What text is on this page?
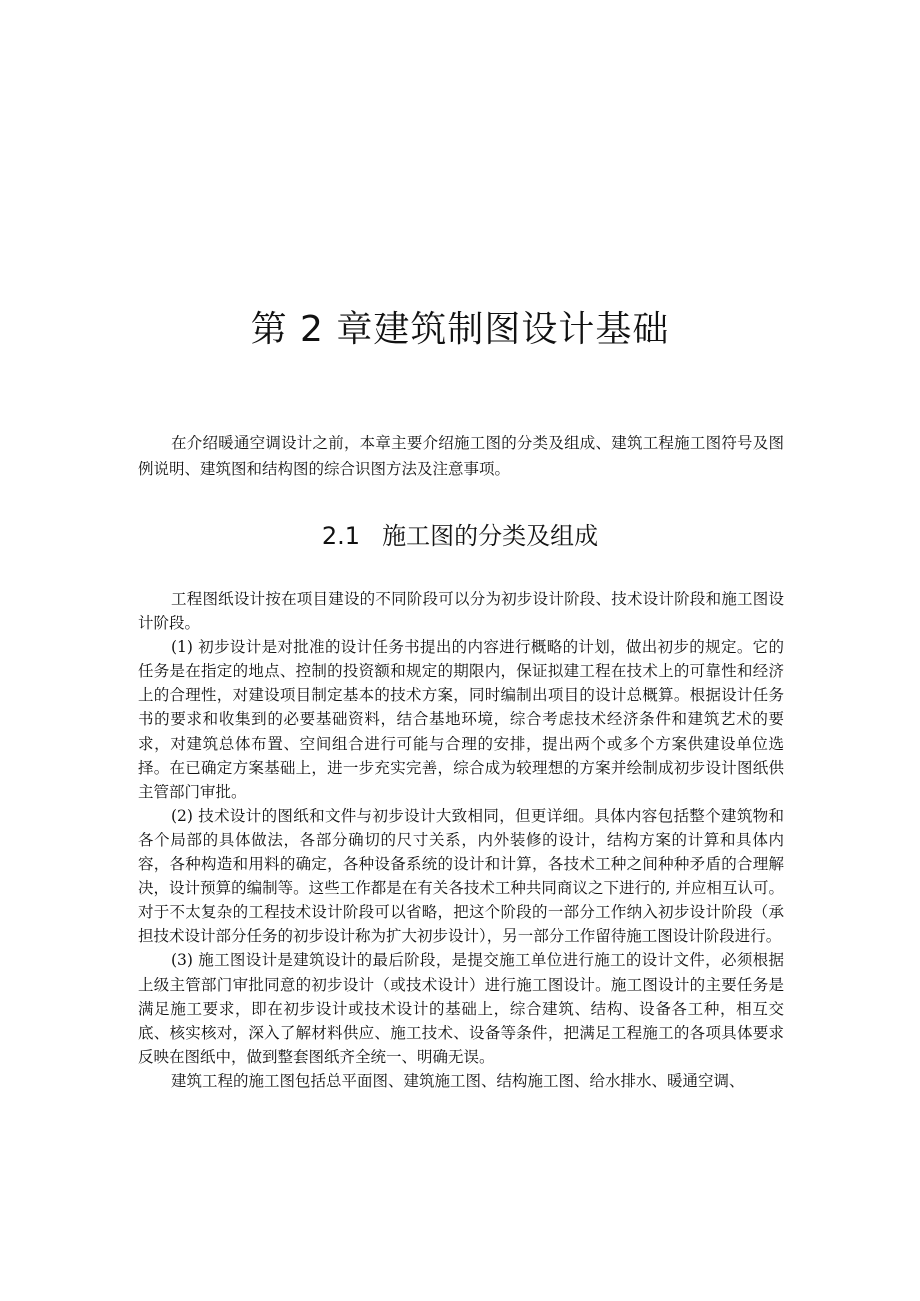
第 2 章建筑制图设计基础

在介绍暖通空调设计之前，本章主要介绍施工图的分类及组成、建筑工程施工图符号及图例说明、建筑图和结构图的综合识图方法及注意事项。

2.1 施工图的分类及组成

工程图纸设计按在项目建设的不同阶段可以分为初步设计阶段、技术设计阶段和施工图设计阶段。

(1) 初步设计是对批准的设计任务书提出的内容进行概略的计划，做出初步的规定。它的任务是在指定的地点、控制的投资额和规定的期限内，保证拟建工程在技术上的可靠性和经济上的合理性，对建设项目制定基本的技术方案，同时编制出项目的设计总概算。根据设计任务书的要求和收集到的必要基础资料，结合基地环境，综合考虑技术经济条件和建筑艺术的要求，对建筑总体布置、空间组合进行可能与合理的安排，提出两个或多个方案供建设单位选择。在已确定方案基础上，进一步充实完善，综合成为较理想的方案并绘制成初步设计图纸供主管部门审批。

(2) 技术设计的图纸和文件与初步设计大致相同，但更详细。具体内容包括整个建筑物和各个局部的具体做法，各部分确切的尺寸关系，内外装修的设计，结构方案的计算和具体内容，各种构造和用料的确定，各种设备系统的设计和计算，各技术工种之间种种矛盾的合理解决，设计预算的编制等。这些工作都是在有关各技术工种共同商议之下进行的, 并应相互认可。对于不太复杂的工程技术设计阶段可以省略，把这个阶段的一部分工作纳入初步设计阶段（承担技术设计部分任务的初步设计称为扩大初步设计），另一部分工作留待施工图设计阶段进行。

(3) 施工图设计是建筑设计的最后阶段，是提交施工单位进行施工的设计文件，必须根据上级主管部门审批同意的初步设计（或技术设计）进行施工图设计。施工图设计的主要任务是满足施工要求，即在初步设计或技术设计的基础上，综合建筑、结构、设备各工种，相互交底、核实核对，深入了解材料供应、施工技术、设备等条件，把满足工程施工的各项具体要求反映在图纸中，做到整套图纸齐全统一、明确无误。

建筑工程的施工图包括总平面图、建筑施工图、结构施工图、给水排水、暖通空调、
